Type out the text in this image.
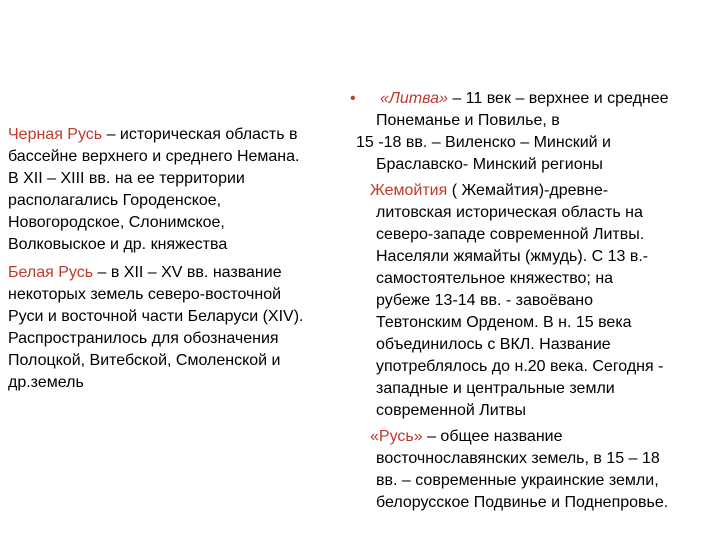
Черная Русь – историческая область в
бассейне верхнего и среднего Немана.
В XII – XIII вв. на ее территории
располагались Городенское,
Новогородское, Слонимское,
Волковыское и др. княжества
Белая Русь – в XII – XV вв. название
некоторых земель северо-восточной
Руси и восточной части Беларуси (XIV).
Распространилось для обозначения
Полоцкой, Витебской, Смоленской и
др.земель
• «Литва» – 11 век – верхнее и среднее
Понеманье и Повилье, в
15 -18 вв. – Виленско – Минский и
Браславско- Минский регионы
Жемойтия ( Жемайтия)-древне-
литовская историческая область на
северо-западе современной Литвы.
Населяли жямайты (жмудь). С 13 в.-
самостоятельное княжество; на
рубеже 13-14 вв. - завоёвано
Тевтонским Орденом. В н. 15 века
объединилось с ВКЛ. Название
употреблялось до н.20 века. Сегодня -
западные и центральные земли
современной Литвы
«Русь» – общее название
восточнославянских земель, в 15 – 18
вв. – современные украинские земли,
белорусское Подвинье и Поднепровье.
